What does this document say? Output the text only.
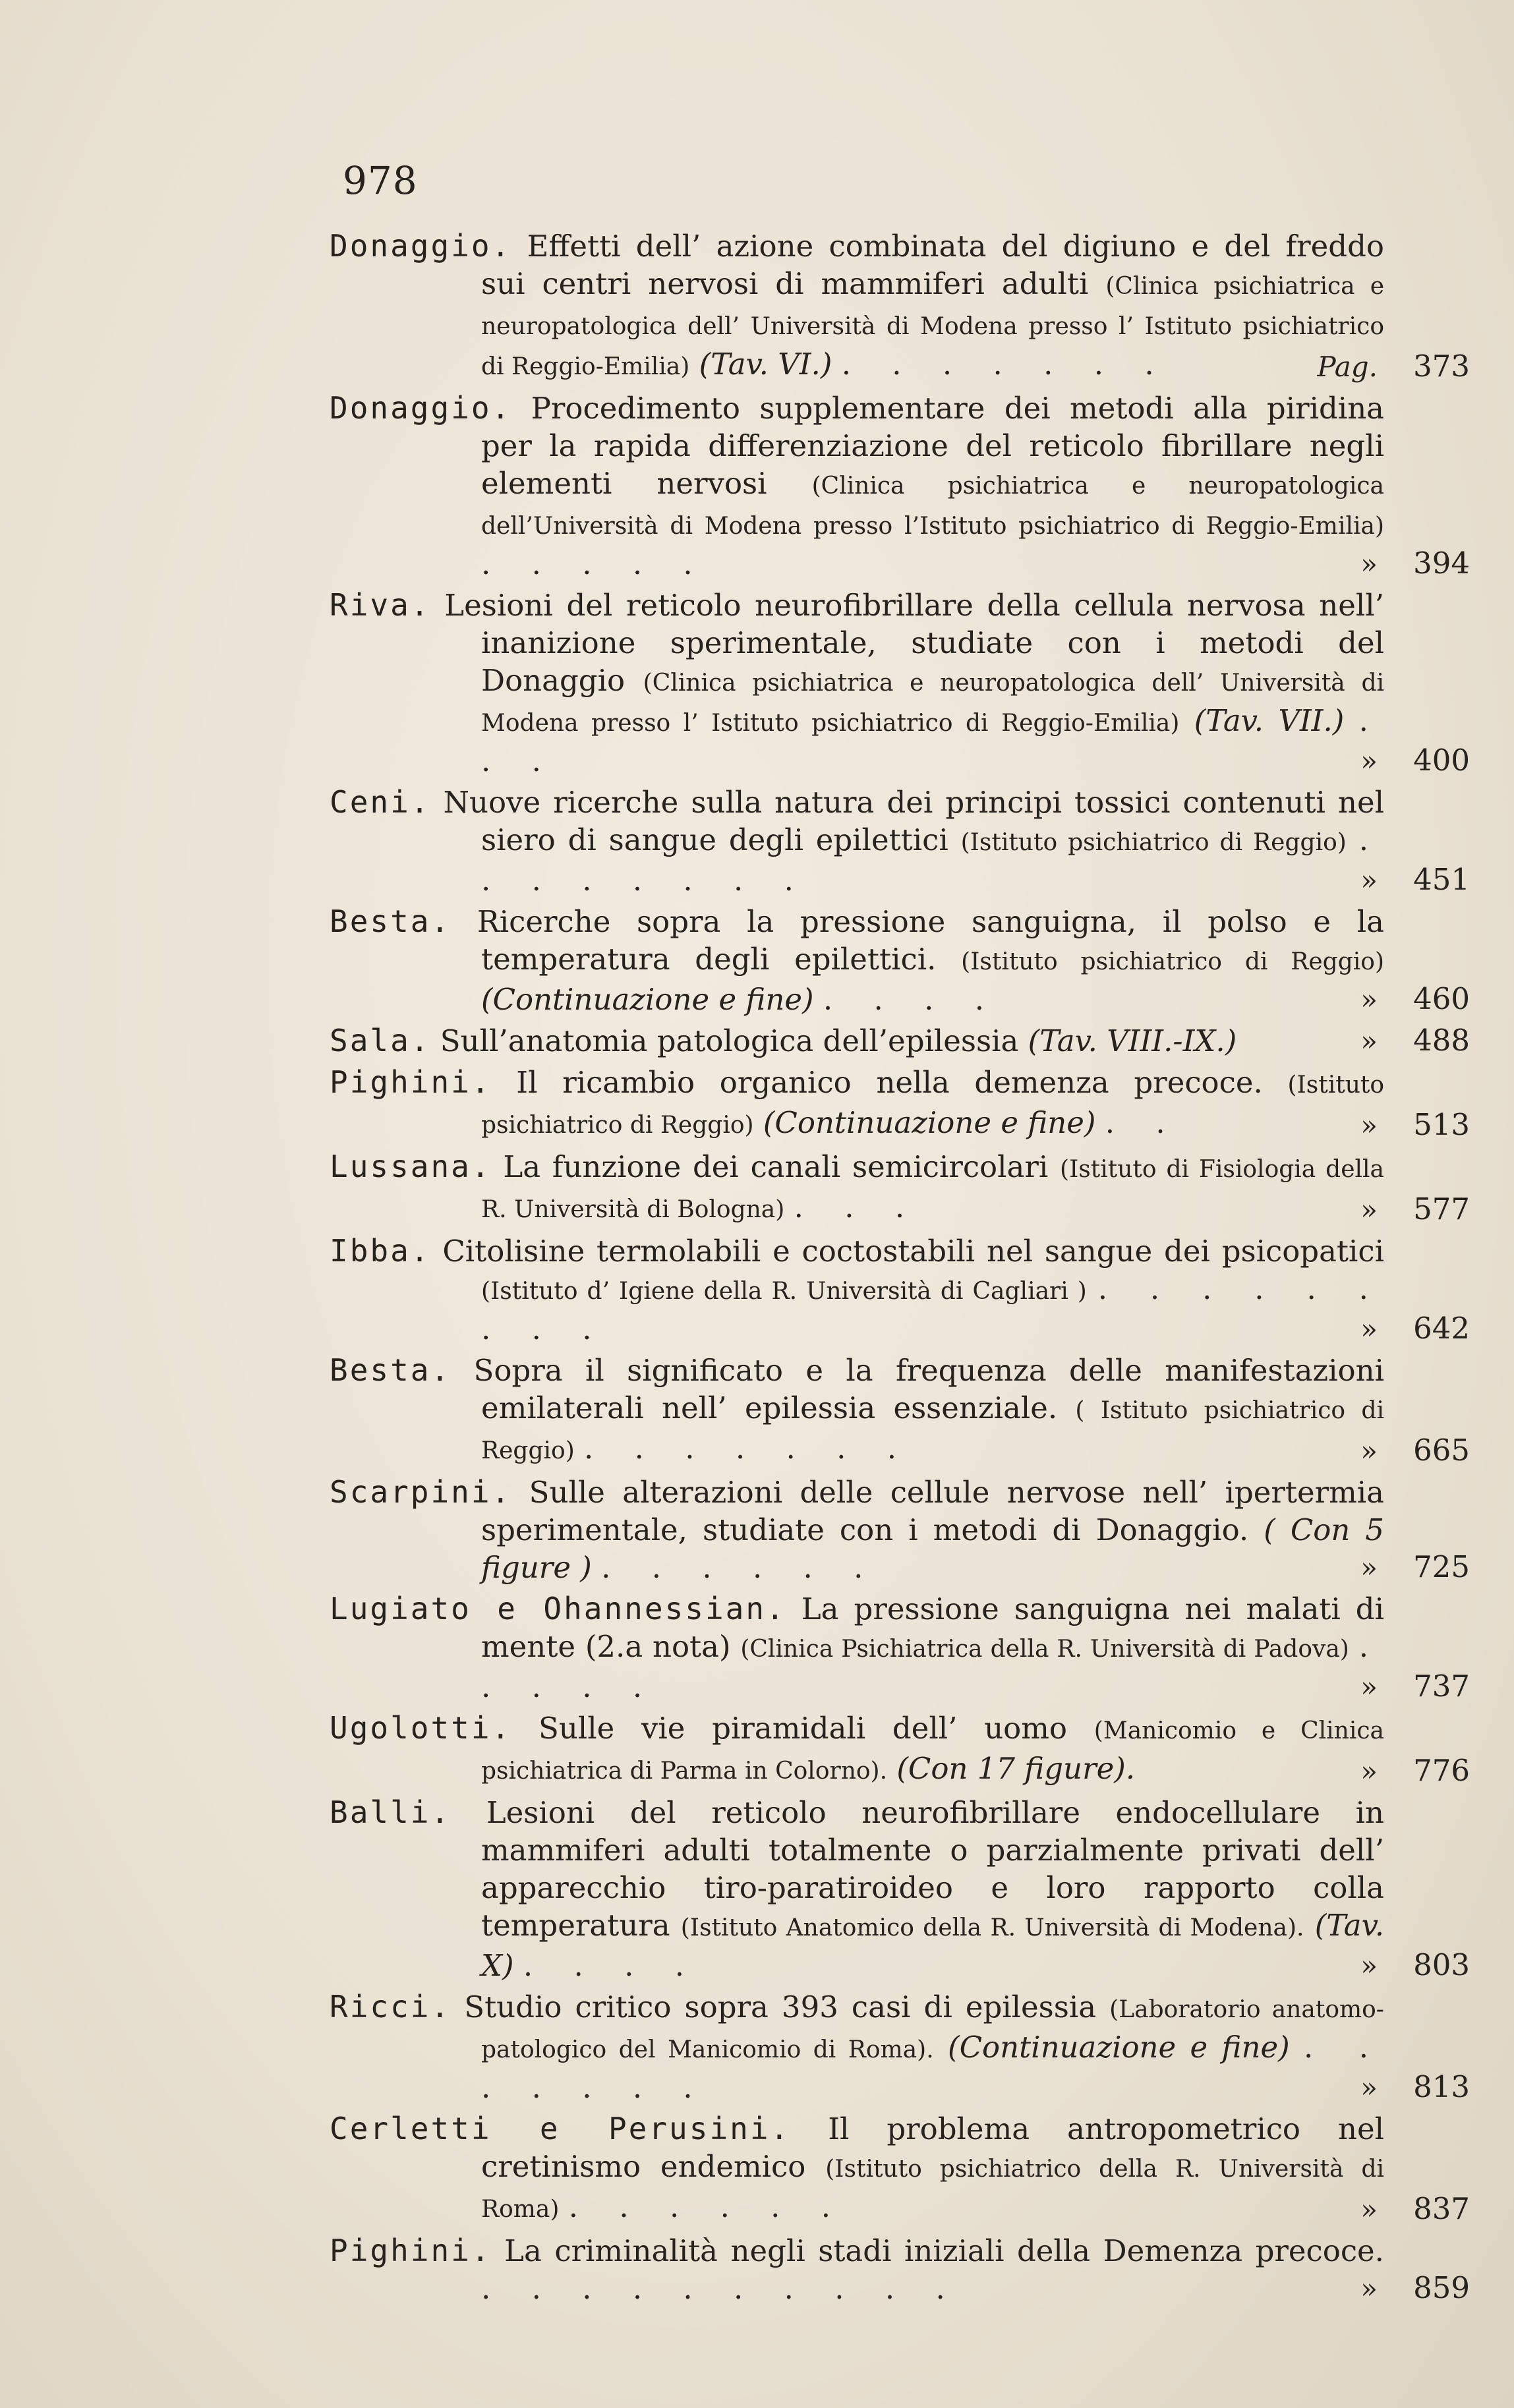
978
Donaggio. Effetti dell’ azione combinata del digiuno e del freddo sui centri nervosi di mammiferi adulti (Clinica psichiatrica e neuropatologica dell’ Università di Modena presso l’ Istituto psichiatrico di Reggio-Emilia) (Tav. VI.) . . . . . . .	Pag.	373
Donaggio. Procedimento supplementare dei metodi alla piridina per la rapida differenziazione del reticolo fibrillare negli elementi nervosi (Clinica psichiatrica e neuropatologica dell’Università di Modena presso l’Istituto psichiatrico di Reggio-Emilia) . . . . .	»	394
Riva. Lesioni del reticolo neurofibrillare della cellula nervosa nell’ inanizione sperimentale, studiate con i metodi del Donaggio (Clinica psichiatrica e neuropatologica dell’ Università di Modena presso l’ Istituto psichiatrico di Reggio-Emilia) (Tav. VII.) . . .	»	400
Ceni. Nuove ricerche sulla natura dei principi tossici contenuti nel siero di sangue degli epilettici (Istituto psichiatrico di Reggio) . . . . . . . .	»	451
Besta. Ricerche sopra la pressione sanguigna, il polso e la temperatura degli epilettici. (Istituto psichiatrico di Reggio) (Continuazione e fine) . . . .	»	460
Sala. Sull’anatomia patologica dell’epilessia (Tav. VIII.-IX.)	»	488
Pighini. Il ricambio organico nella demenza precoce. (Istituto psichiatrico di Reggio) (Continuazione e fine) . .	»	513
Lussana. La funzione dei canali semicircolari (Istituto di Fisiologia della R. Università di Bologna) . . .	»	577
Ibba. Citolisine termolabili e coctostabili nel sangue dei psicopatici (Istituto d’ Igiene della R. Università di Cagliari ) . . . . . . . . .	»	642
Besta. Sopra il significato e la frequenza delle manifestazioni emilaterali nell’ epilessia essenziale. ( Istituto psichiatrico di Reggio) . . . . . . .	»	665
Scarpini. Sulle alterazioni delle cellule nervose nell’ ipertermia sperimentale, studiate con i metodi di Donaggio. ( Con 5 figure ) . . . . . .	»	725
Lugiato e Ohannessian. La pressione sanguigna nei malati di mente (2.a nota) (Clinica Psichiatrica della R. Università di Padova) . . . . .	»	737
Ugolotti. Sulle vie piramidali dell’ uomo (Manicomio e Clinica psichiatrica di Parma in Colorno). (Con 17 figure).	»	776
Balli. Lesioni del reticolo neurofibrillare endocellulare in mammiferi adulti totalmente o parzialmente privati dell’ apparecchio tiro-paratiroideo e loro rapporto colla temperatura (Istituto Anatomico della R. Università di Modena). (Tav. X) . . . .	»	803
Ricci. Studio critico sopra 393 casi di epilessia (Laboratorio anatomo-patologico del Manicomio di Roma). (Continuazione e fine) . . . . . . .	»	813
Cerletti e Perusini. Il problema antropometrico nel cretinismo endemico (Istituto psichiatrico della R. Università di Roma) . . . . . .	»	837
Pighini. La criminalità negli stadi iniziali della Demenza precoce. . . . . . . . . . .	»	859
